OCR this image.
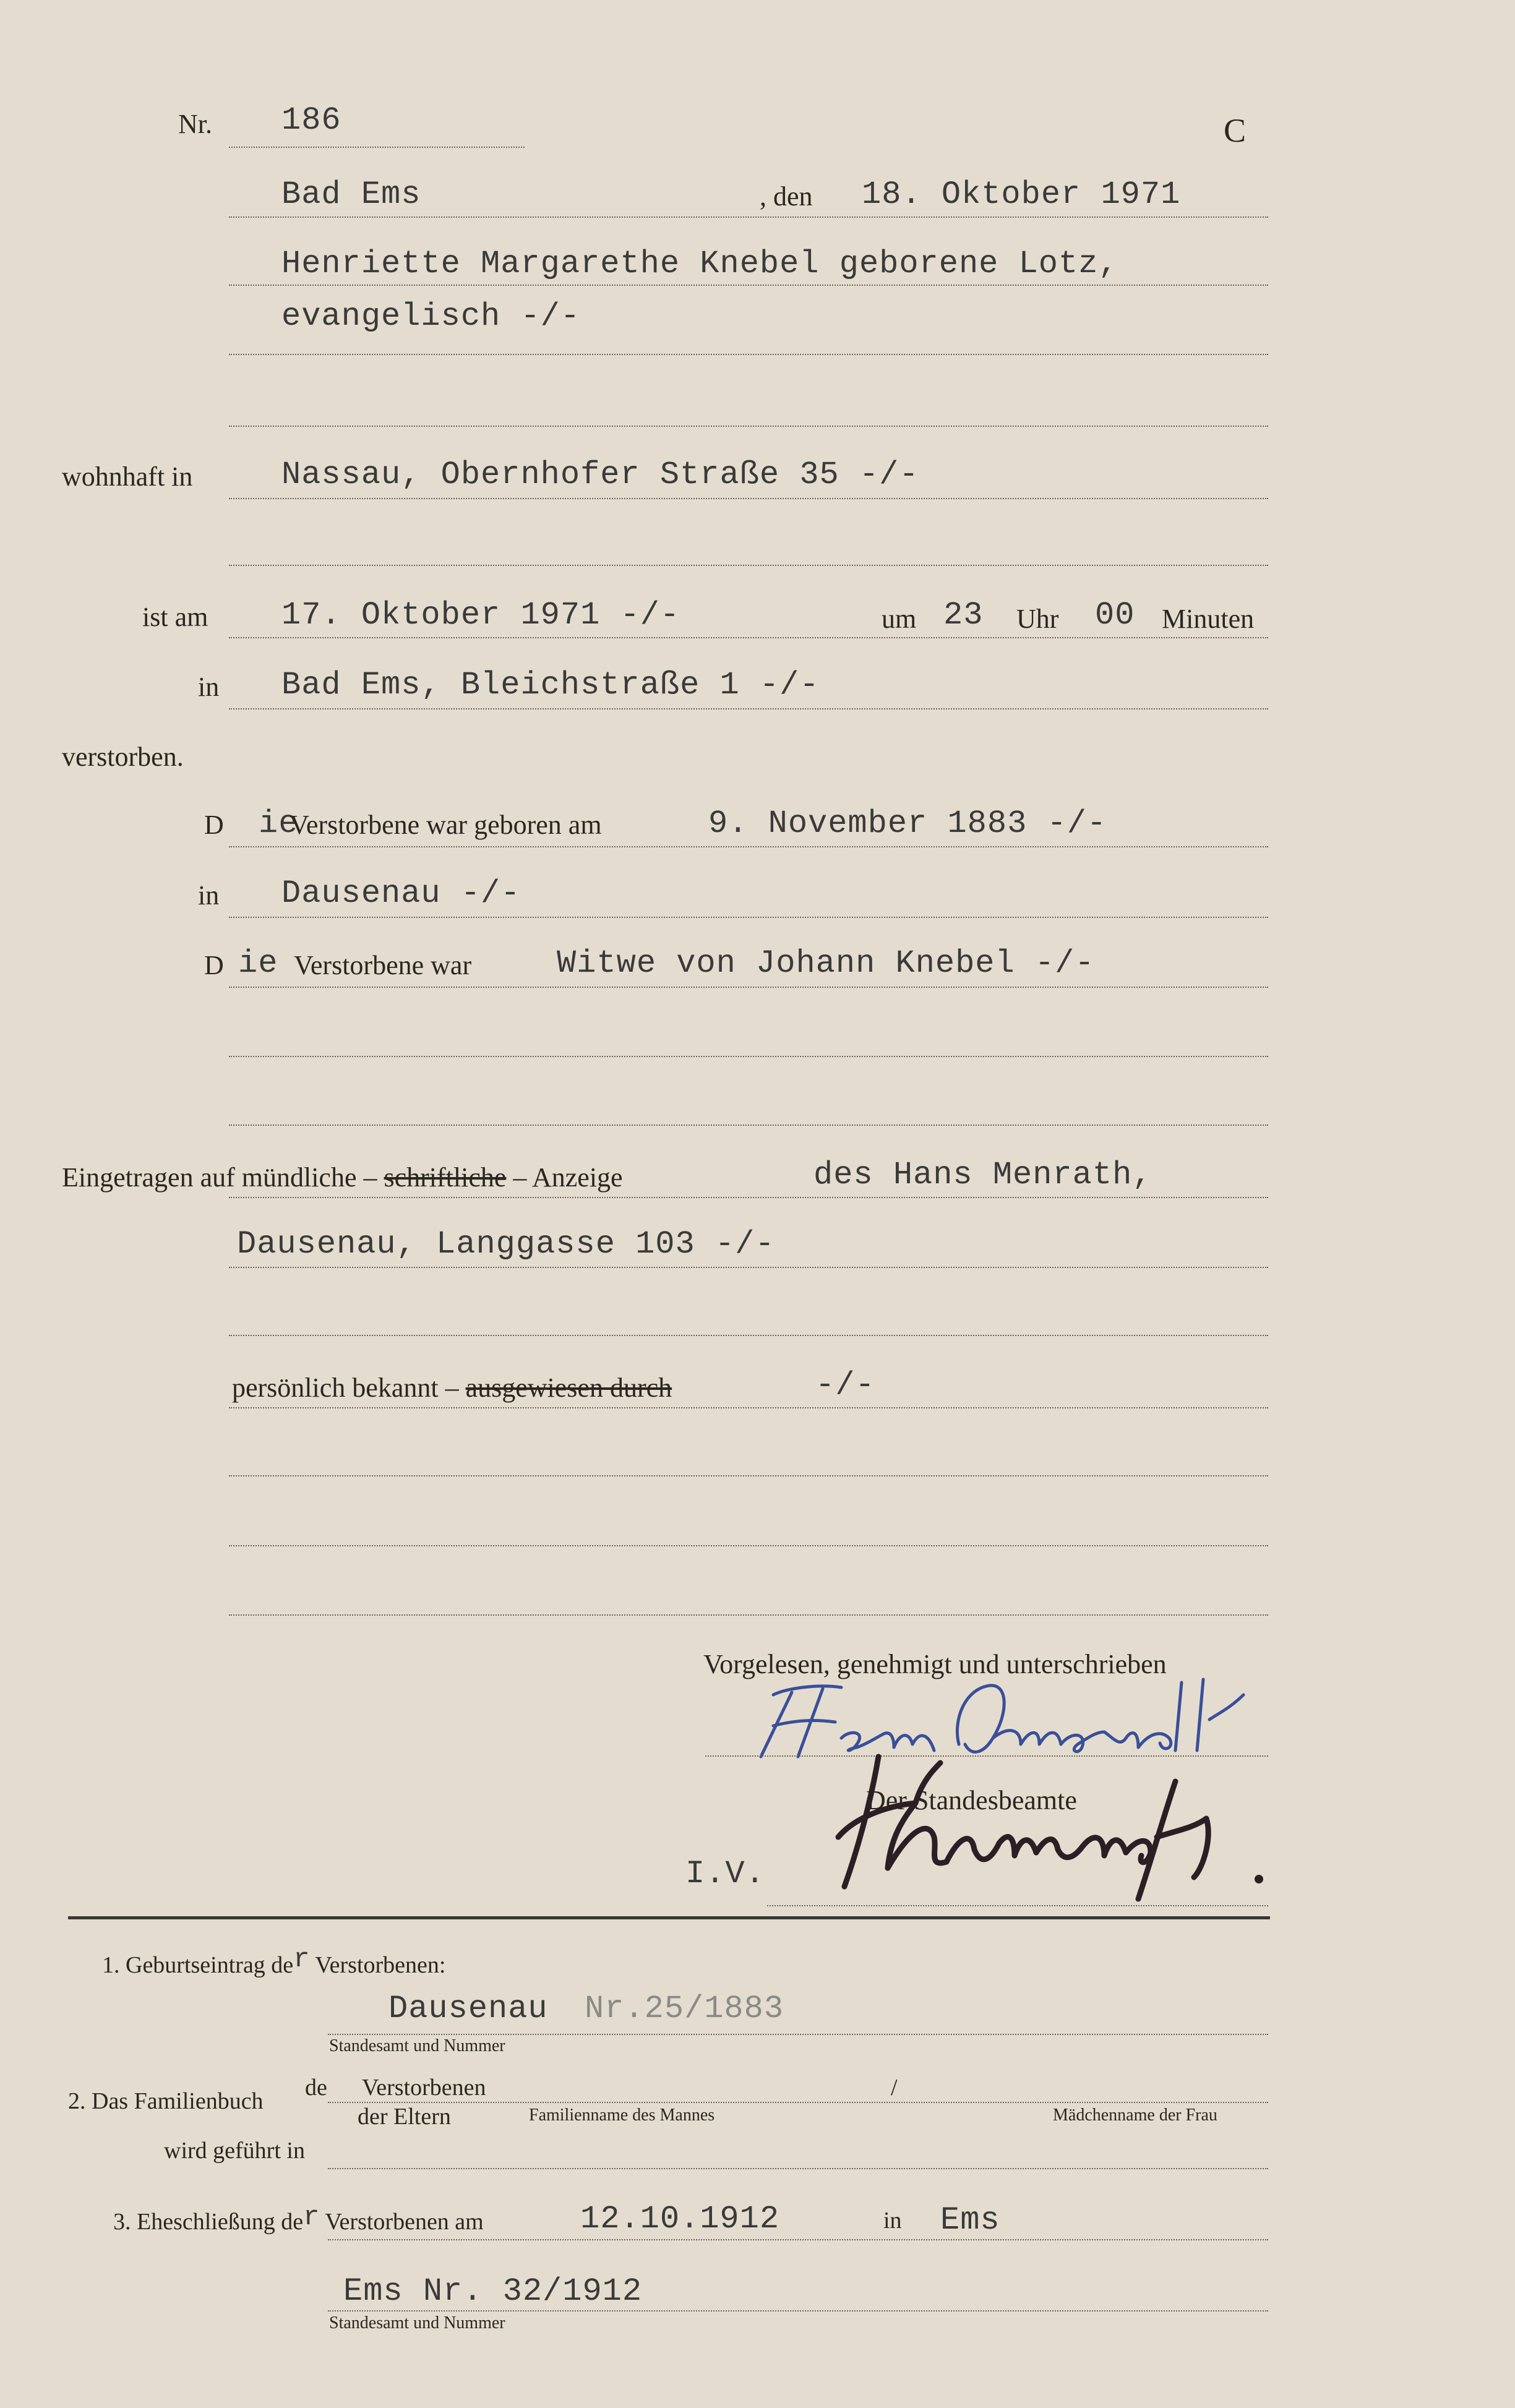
Nr. 186	C
Bad Ems	, den 18. Oktober 1971
Henriette Margarethe Knebel geborene Lotz,
evangelisch -/-
wohnhaft in	Nassau, Obernhofer Straße 35 -/-
ist am 17. Oktober 1971 -/-	um 23 Uhr 00 Minuten
in Bad Ems, Bleichstraße 1 -/-
verstorben.
D ie
Verstorbene war geboren am	9. November 1883 -/-
in Dausenau -/-
D ie Verstorbene war	Witwe von Johann Knebel -/-
Eingetragen auf mündliche – schriftliche – Anzeige	des Hans Menrath,
Dausenau, Langgasse 103 -/-
persönlich bekannt – ausgewiesen durch	-/-
Vorgelesen, genehmigt und unterschrieben
Der Standesbeamte
I.V.
1. Geburtseintrag der Verstorbenen:
Dausenau Nr.25/1883
Standesamt und Nummer
2. Das Familienbuch
de Verstorbenen	/
der Eltern	Familienname des Mannes	Mädchenname der Frau
wird geführt in
3. Eheschließung der Verstorbenen am	12.10.1912	in Ems
Ems Nr. 32/1912
Standesamt und Nummer
